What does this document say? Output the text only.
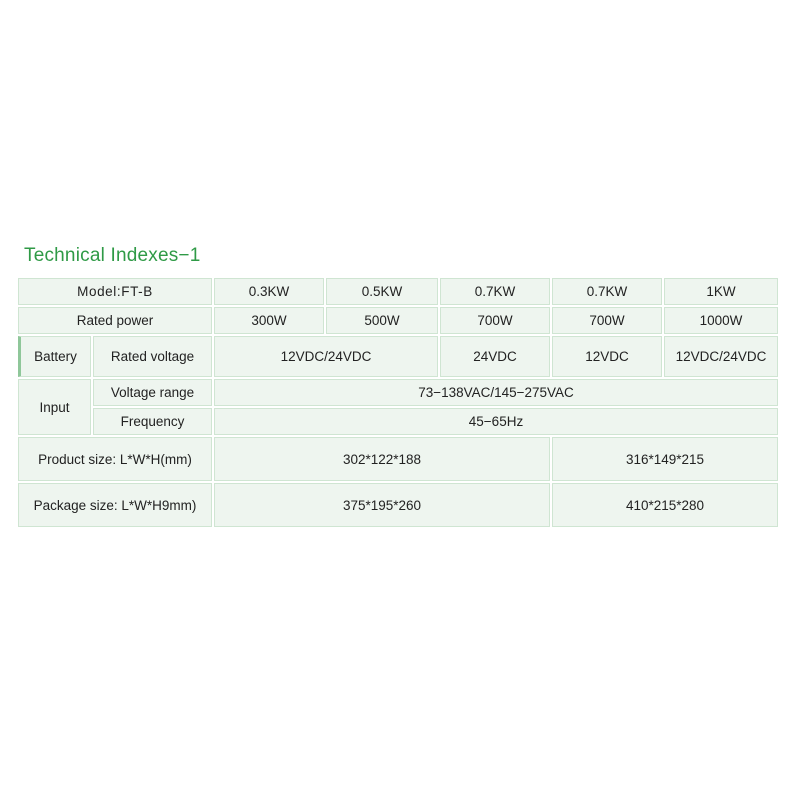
Technical Indexes−1
Model:FT-B		0.3KW	0.5KW	0.7KW	0.7KW	1KW
Rated power		300W	500W	700W	700W	1000W
Battery	Rated voltage	12VDC/24VDC		24VDC	12VDC	12VDC/24VDC
Input	Voltage range	73−138VAC/145−275VAC				
	Frequency	45−65Hz				
Product size: L*W*H(mm)		302*122*188			316*149*215	
Package size: L*W*H9mm)		375*195*260			410*215*280	
